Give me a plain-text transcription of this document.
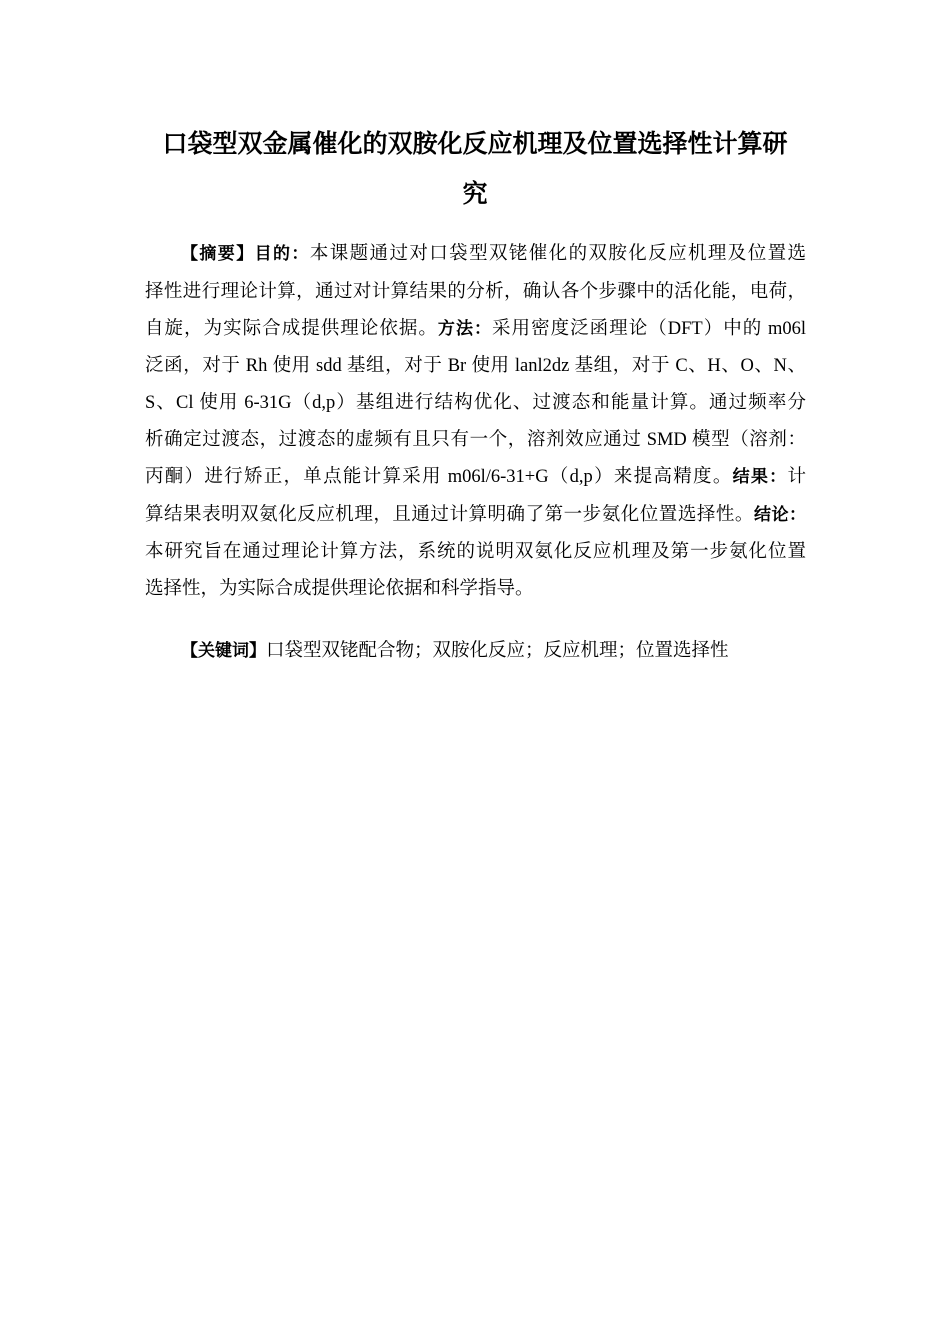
口袋型双金属催化的双胺化反应机理及位置选择性计算研
究
【摘要】目的：本课题通过对口袋型双铑催化的双胺化反应机理及位置选
择性进行理论计算，通过对计算结果的分析，确认各个步骤中的活化能，电荷，
自旋，为实际合成提供理论依据。方法：采用密度泛函理论（DFT）中的 m06l
泛函，对于 Rh 使用 sdd 基组，对于 Br 使用 lanl2dz 基组，对于 C、H、O、N、
S、Cl 使用 6-31G（d,p）基组进行结构优化、过渡态和能量计算。通过频率分
析确定过渡态，过渡态的虚频有且只有一个，溶剂效应通过 SMD 模型（溶剂：
丙酮）进行矫正，单点能计算采用 m06l/6-31+G（d,p）来提高精度。结果：计
算结果表明双氨化反应机理，且通过计算明确了第一步氨化位置选择性。结论：
本研究旨在通过理论计算方法，系统的说明双氨化反应机理及第一步氨化位置
选择性，为实际合成提供理论依据和科学指导。
【关键词】口袋型双铑配合物；双胺化反应；反应机理；位置选择性
